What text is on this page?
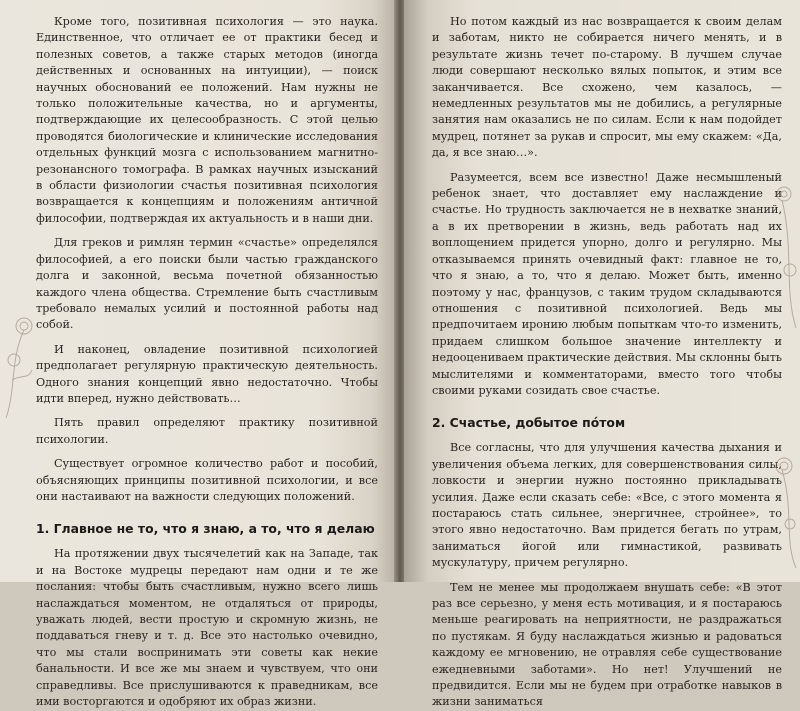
Кроме того, позитивная психология — это наука. Единственное, что отличает ее от практики бесед и полезных советов, а также старых методов (иногда действенных и основанных на интуиции), — поиск научных обоснований ее положений. Нам нужны не только положительные качества, но и аргументы, подтверждающие их целесообразность. С этой целью проводятся биологические и клинические исследования отдельных функций мозга с использованием магнитно-резонансного томографа. В рамках научных изысканий в области физиологии счастья позитивная психология возвращается к концепциям и положениям античной философии, подтверждая их актуальность и в наши дни.

Для греков и римлян термин «счастье» определялся философией, а его поиски были частью гражданского долга и законной, весьма почетной обязанностью каждого члена общества. Стремление быть счастливым требовало немалых усилий и постоянной работы над собой.

И наконец, овладение позитивной психологией предполагает регулярную практическую деятельность. Одного знания концепций явно недостаточно. Чтобы идти вперед, нужно действовать…

Пять правил определяют практику позитивной психологии.

Существует огромное количество работ и пособий, объясняющих принципы позитивной психологии, и все они настаивают на важности следующих положений.

1. Главное не то, что я знаю, а то, что я делаю

На протяжении двух тысячелетий как на Западе, так и на Востоке мудрецы передают нам одни и те же послания: чтобы быть счастливым, нужно всего лишь наслаждаться моментом, не отдаляться от природы, уважать людей, вести простую и скромную жизнь, не поддаваться гневу и т. д. Все это настолько очевидно, что мы стали воспринимать эти советы как некие банальности. И все же мы знаем и чувствуем, что они справедливы. Все прислушиваются к праведникам, все ими восторгаются и одобряют их образ жизни.

Но потом каждый из нас возвращается к своим делам и заботам, никто не собирается ничего менять, и в результате жизнь течет по-старому. В лучшем случае люди совершают несколько вялых попыток, и этим все заканчивается. Все схожено, чем казалось, — немедленных результатов мы не добились, а регулярные занятия нам оказались не по силам. Если к нам подойдет мудрец, потянет за рукав и спросит, мы ему скажем: «Да, да, я все знаю…».

Разумеется, всем все известно! Даже несмышленый ребенок знает, что доставляет ему наслаждение и счастье. Но трудность заключается не в нехватке знаний, а в их претворении в жизнь, ведь работать над их воплощением придется упорно, долго и регулярно. Мы отказываемся принять очевидный факт: главное не то, что я знаю, а то, что я делаю. Может быть, именно поэтому у нас, французов, с таким трудом складываются отношения с позитивной психологией. Ведь мы предпочитаем иронию любым попыткам что-то изменить, придаем слишком большое значение интеллекту и недооцениваем практические действия. Мы склонны быть мыслителями и комментаторами, вместо того чтобы своими руками созидать свое счастье.

2. Счастье, добытое пóтом

Все согласны, что для улучшения качества дыхания и увеличения объема легких, для совершенствования силы, ловкости и энергии нужно постоянно прикладывать усилия. Даже если сказать себе: «Все, с этого момента я постараюсь стать сильнее, энергичнее, стройнее», то этого явно недостаточно. Вам придется бегать по утрам, заниматься йогой или гимнастикой, развивать мускулатуру, причем регулярно.

Тем не менее мы продолжаем внушать себе: «В этот раз все серьезно, у меня есть мотивация, и я постараюсь меньше реагировать на неприятности, не раздражаться по пустякам. Я буду наслаждаться жизнью и радоваться каждому ее мгновению, не отравляя себе существование ежедневными заботами». Но нет! Улучшений не предвидится. Если мы не будем при отработке навыков в жизни заниматься
